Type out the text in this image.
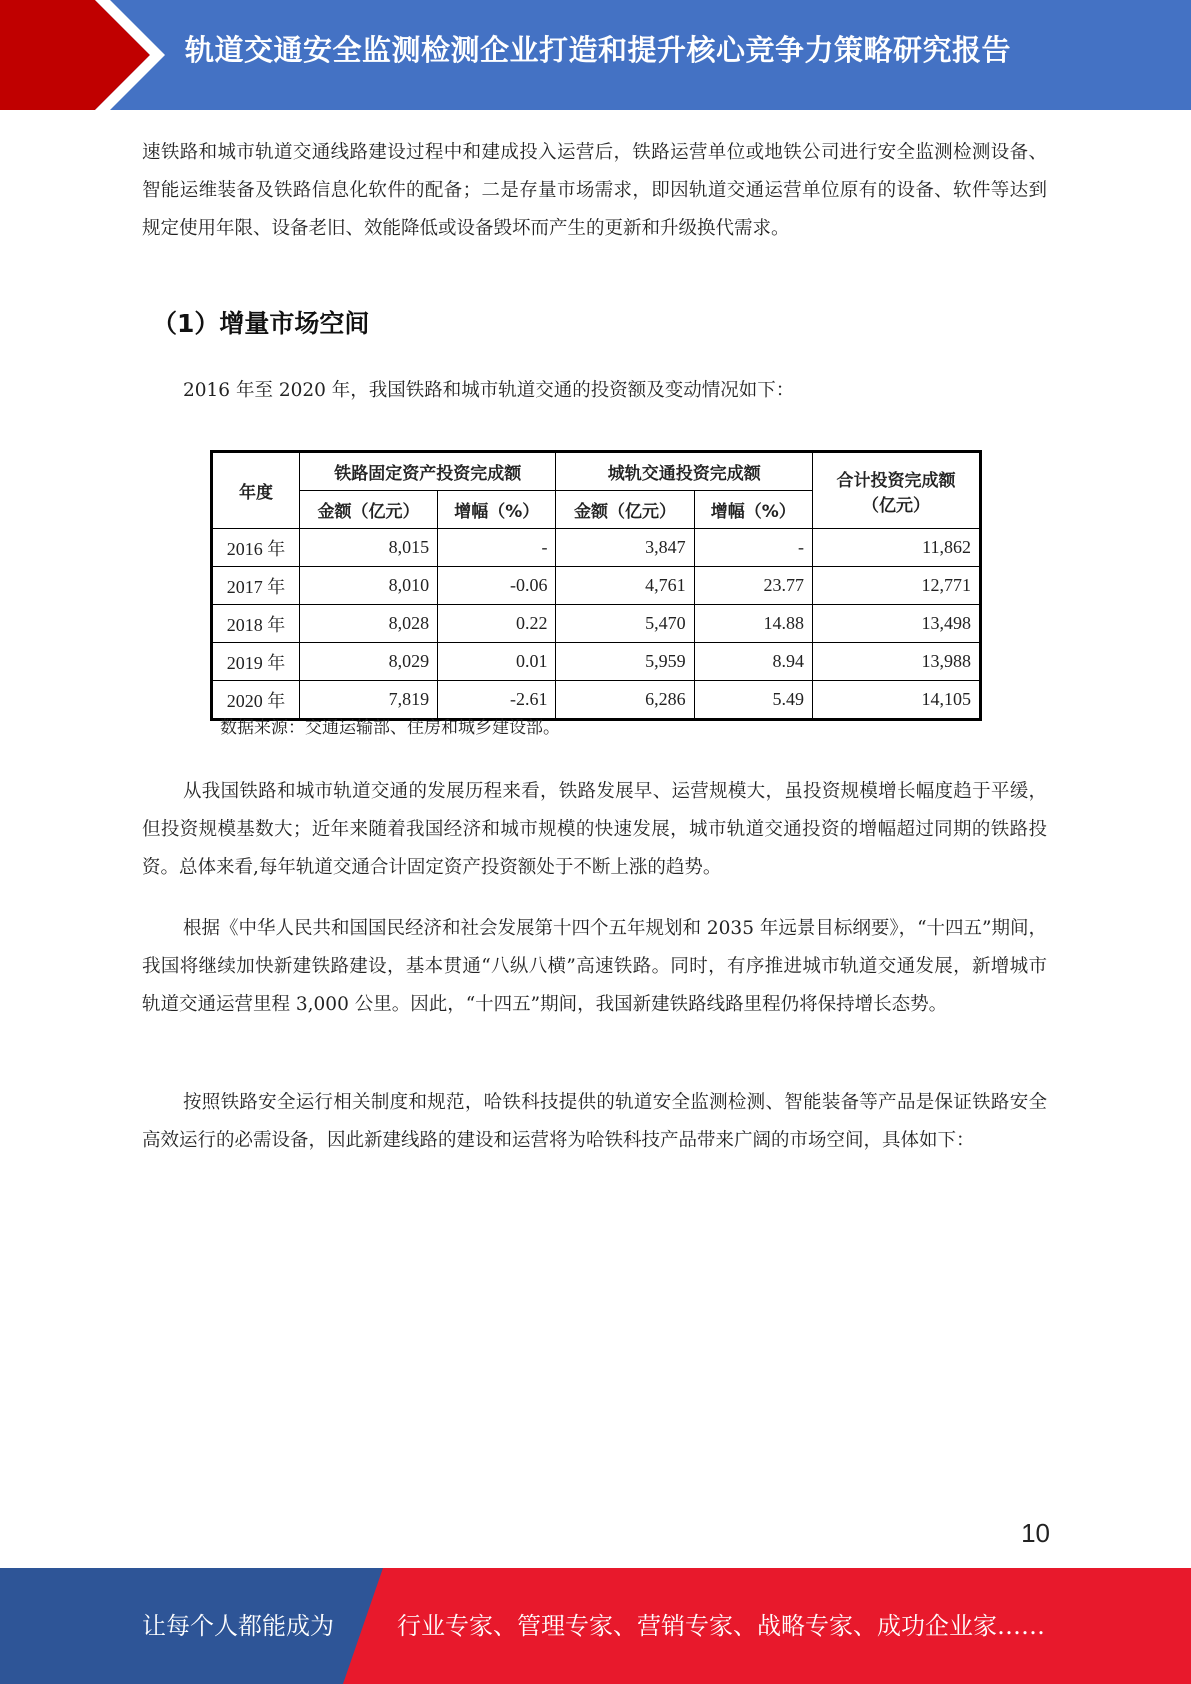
轨道交通安全监测检测企业打造和提升核心竞争力策略研究报告

速铁路和城市轨道交通线路建设过程中和建成投入运营后，铁路运营单位或地铁公司进行安全监测检测设备、智能运维装备及铁路信息化软件的配备；二是存量市场需求，即因轨道交通运营单位原有的设备、软件等达到规定使用年限、设备老旧、效能降低或设备毁坏而产生的更新和升级换代需求。

（1）增量市场空间

2016 年至 2020 年，我国铁路和城市轨道交通的投资额及变动情况如下：

年度	铁路固定资产投资完成额		城轨交通投资完成额		合计投资完成额（亿元）
	金额（亿元）	增幅（%）	金额（亿元）	增幅（%）	
2016 年	8,015	-	3,847	-	11,862
2017 年	8,010	-0.06	4,761	23.77	12,771
2018 年	8,028	0.22	5,470	14.88	13,498
2019 年	8,029	0.01	5,959	8.94	13,988
2020 年	7,819	-2.61	6,286	5.49	14,105

数据来源：交通运输部、住房和城乡建设部。

从我国铁路和城市轨道交通的发展历程来看，铁路发展早、运营规模大，虽投资规模增长幅度趋于平缓，但投资规模基数大；近年来随着我国经济和城市规模的快速发展，城市轨道交通投资的增幅超过同期的铁路投资。总体来看,每年轨道交通合计固定资产投资额处于不断上涨的趋势。

根据《中华人民共和国国民经济和社会发展第十四个五年规划和 2035 年远景目标纲要》，“十四五”期间，我国将继续加快新建铁路建设，基本贯通“八纵八横”高速铁路。同时，有序推进城市轨道交通发展，新增城市轨道交通运营里程 3,000 公里。因此，“十四五”期间，我国新建铁路线路里程仍将保持增长态势。

按照铁路安全运行相关制度和规范，哈铁科技提供的轨道安全监测检测、智能装备等产品是保证铁路安全高效运行的必需设备，因此新建线路的建设和运营将为哈铁科技产品带来广阔的市场空间，具体如下：

10
让每个人都能成为	行业专家、管理专家、营销专家、战略专家、成功企业家……
